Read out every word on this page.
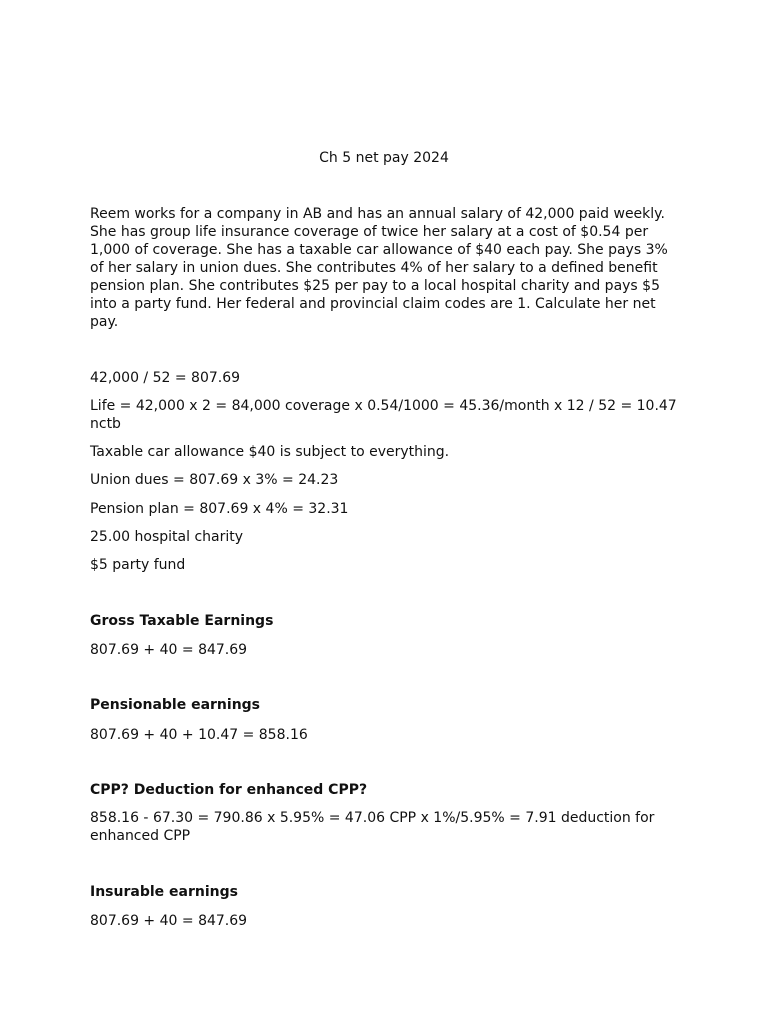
Ch 5 net pay 2024

Reem works for a company in AB and has an annual salary of 42,000 paid weekly. She has group life insurance coverage of twice her salary at a cost of $0.54 per 1,000 of coverage. She has a taxable car allowance of $40 each pay. She pays 3% of her salary in union dues. She contributes 4% of her salary to a defined benefit pension plan. She contributes $25 per pay to a local hospital charity and pays $5 into a party fund. Her federal and provincial claim codes are 1. Calculate her net pay.

42,000 / 52 = 807.69

Life = 42,000 x 2 = 84,000 coverage x 0.54/1000 = 45.36/month x 12 / 52 = 10.47 nctb

Taxable car allowance $40 is subject to everything.

Union dues = 807.69 x 3% = 24.23

Pension plan = 807.69 x 4% = 32.31

25.00 hospital charity

$5 party fund

Gross Taxable Earnings

807.69 + 40 = 847.69

Pensionable earnings

807.69 + 40 + 10.47 = 858.16

CPP? Deduction for enhanced CPP?

858.16 - 67.30 = 790.86 x 5.95% = 47.06 CPP x 1%/5.95% = 7.91 deduction for enhanced CPP

Insurable earnings

807.69 + 40 = 847.69
